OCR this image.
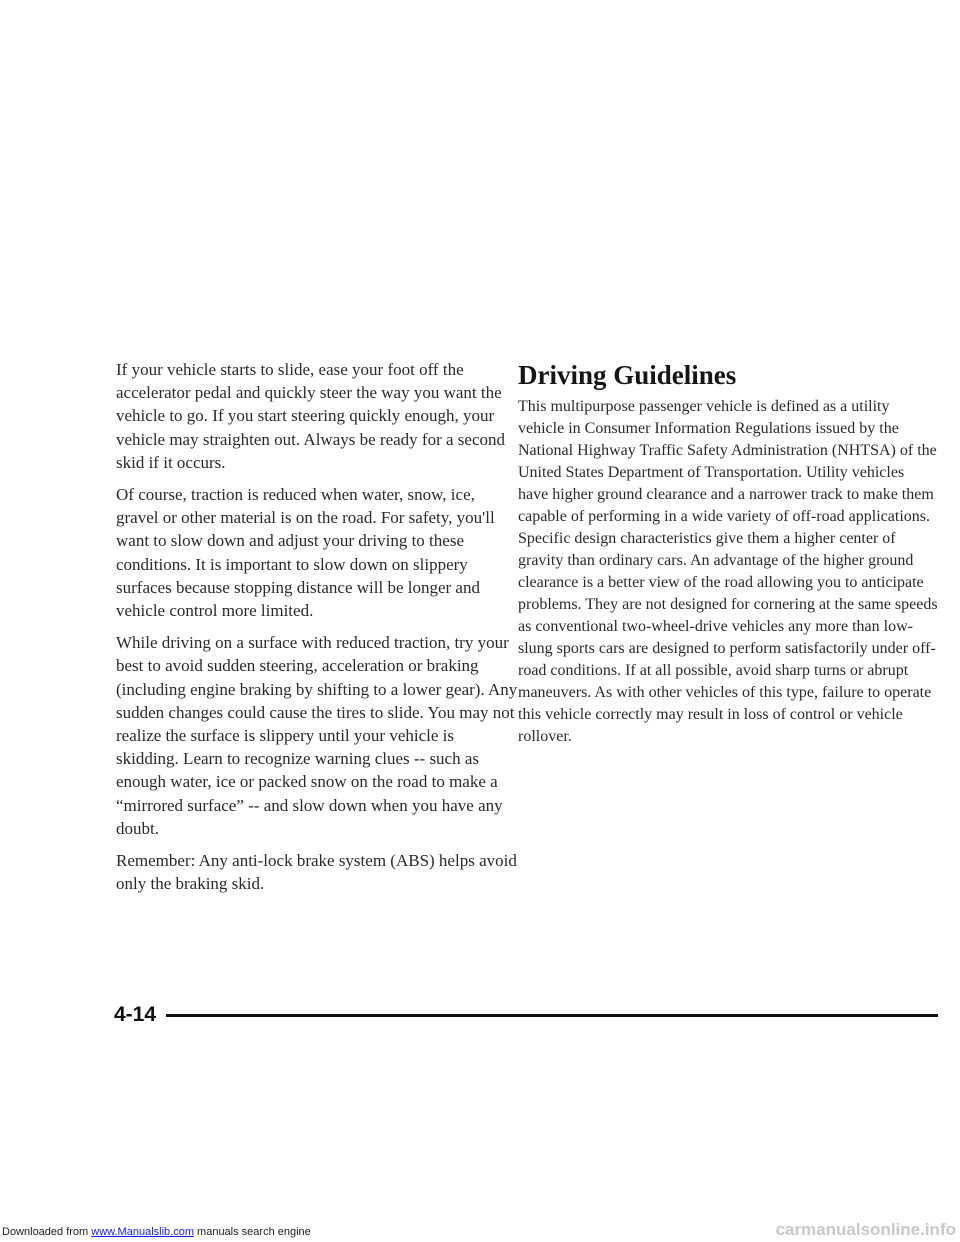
If your vehicle starts to slide, ease your foot off the accelerator pedal and quickly steer the way you want the vehicle to go. If you start steering quickly enough, your vehicle may straighten out. Always be ready for a second skid if it occurs.

Of course, traction is reduced when water, snow, ice, gravel or other material is on the road. For safety, you'll want to slow down and adjust your driving to these conditions. It is important to slow down on slippery surfaces because stopping distance will be longer and vehicle control more limited.

While driving on a surface with reduced traction, try your best to avoid sudden steering, acceleration or braking (including engine braking by shifting to a lower gear). Any sudden changes could cause the tires to slide. You may not realize the surface is slippery until your vehicle is skidding. Learn to recognize warning clues -- such as enough water, ice or packed snow on the road to make a “mirrored surface” -- and slow down when you have any doubt.

Remember: Any anti-lock brake system (ABS) helps avoid only the braking skid.

Driving Guidelines

This multipurpose passenger vehicle is defined as a utility vehicle in Consumer Information Regulations issued by the National Highway Traffic Safety Administration (NHTSA) of the United States Department of Transportation. Utility vehicles have higher ground clearance and a narrower track to make them capable of performing in a wide variety of off-road applications. Specific design characteristics give them a higher center of gravity than ordinary cars. An advantage of the higher ground clearance is a better view of the road allowing you to anticipate problems. They are not designed for cornering at the same speeds as conventional two-wheel-drive vehicles any more than low-slung sports cars are designed to perform satisfactorily under off-road conditions. If at all possible, avoid sharp turns or abrupt maneuvers. As with other vehicles of this type, failure to operate this vehicle correctly may result in loss of control or vehicle rollover.

4-14
Downloaded from www.Manualslib.com manuals search engine	carmanualsonline.info
